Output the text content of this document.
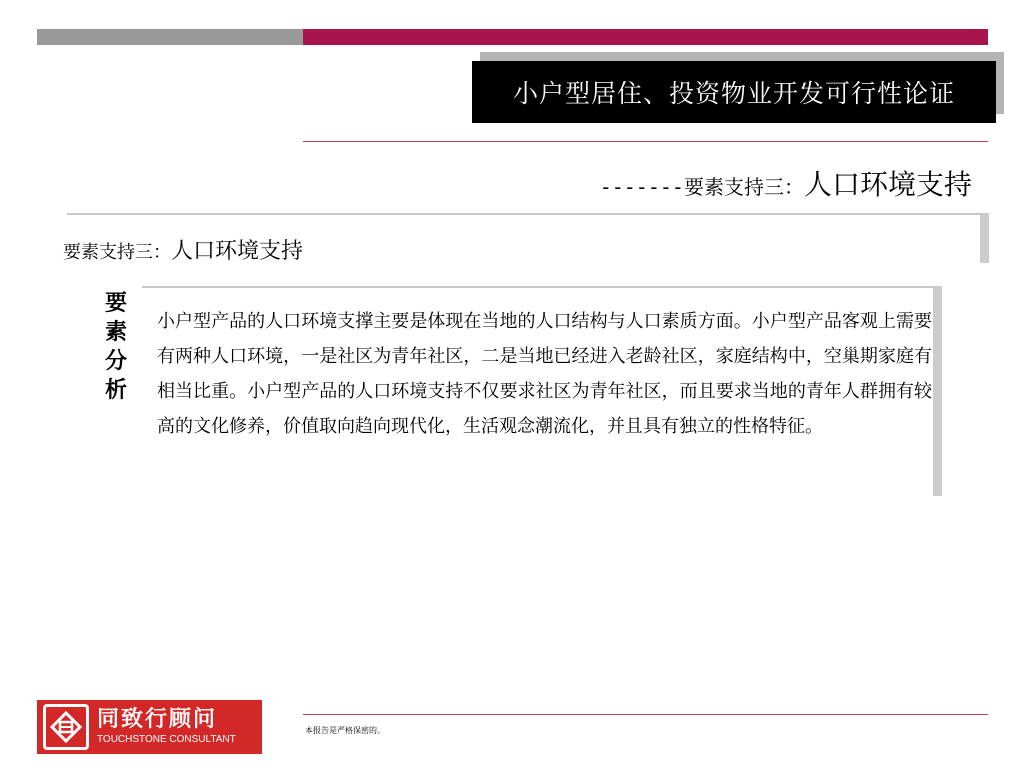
小户型居住、投资物业开发可行性论证
-------要素支持三：人口环境支持
要素支持三：人口环境支持
要
素
分
析
小户型产品的人口环境支撑主要是体现在当地的人口结构与人口素质方面。小户型产品客观上需要有两种人口环境，一是社区为青年社区，二是当地已经进入老龄社区，家庭结构中，空巢期家庭有相当比重。小户型产品的人口环境支持不仅要求社区为青年社区，而且要求当地的青年人群拥有较高的文化修养，价值取向趋向现代化，生活观念潮流化，并且具有独立的性格特征。
同致行顾问
TOUCHSTONE CONSULTANT
本报告是严格保密的。
